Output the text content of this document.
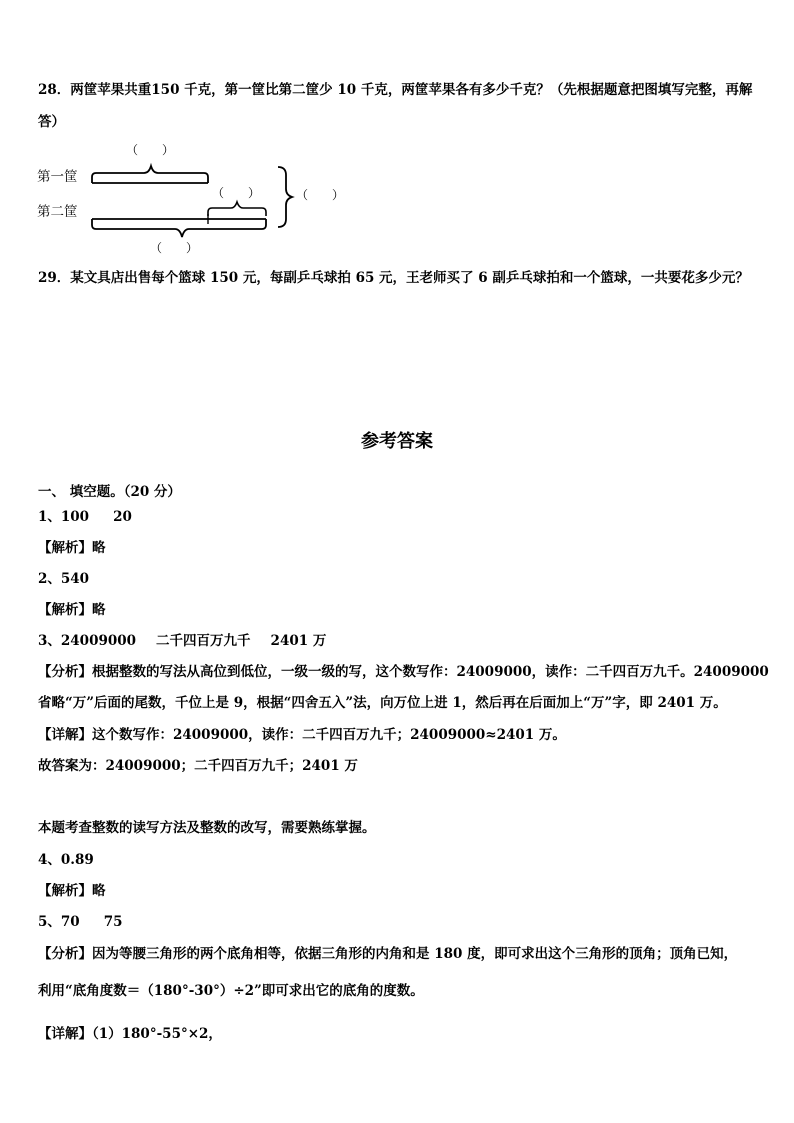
28．两筐苹果共重150 千克，第一筐比第二筐少 10 千克，两筐苹果各有多少千克？（先根据题意把图填写完整，再解
答）
（　　）
第一筐
第二筐
（　　）	（　　）
（　　）
29．某文具店出售每个篮球 150 元，每副乒乓球拍 65 元，王老师买了 6 副乒乓球拍和一个篮球，一共要花多少元？
参考答案
一、 填空题。（20 分）
1、100 20
【解析】略
2、540
【解析】略
3、24009000 二千四百万九千 2401 万
【分析】根据整数的写法从高位到低位，一级一级的写，这个数写作：24009000，读作：二千四百万九千。24009000
省略“万”后面的尾数，千位上是 9，根据“四舍五入”法，向万位上进 1，然后再在后面加上“万”字，即 2401 万。
【详解】这个数写作：24009000，读作：二千四百万九千；24009000≈2401 万。
故答案为：24009000；二千四百万九千；2401 万
本题考查整数的读写方法及整数的改写，需要熟练掌握。
4、0.89
【解析】略
5、70 75
【分析】因为等腰三角形的两个底角相等，依据三角形的内角和是 180 度，即可求出这个三角形的顶角；顶角已知，
利用“底角度数＝（180°-30°）÷2”即可求出它的底角的度数。
【详解】（1）180°-55°×2，
